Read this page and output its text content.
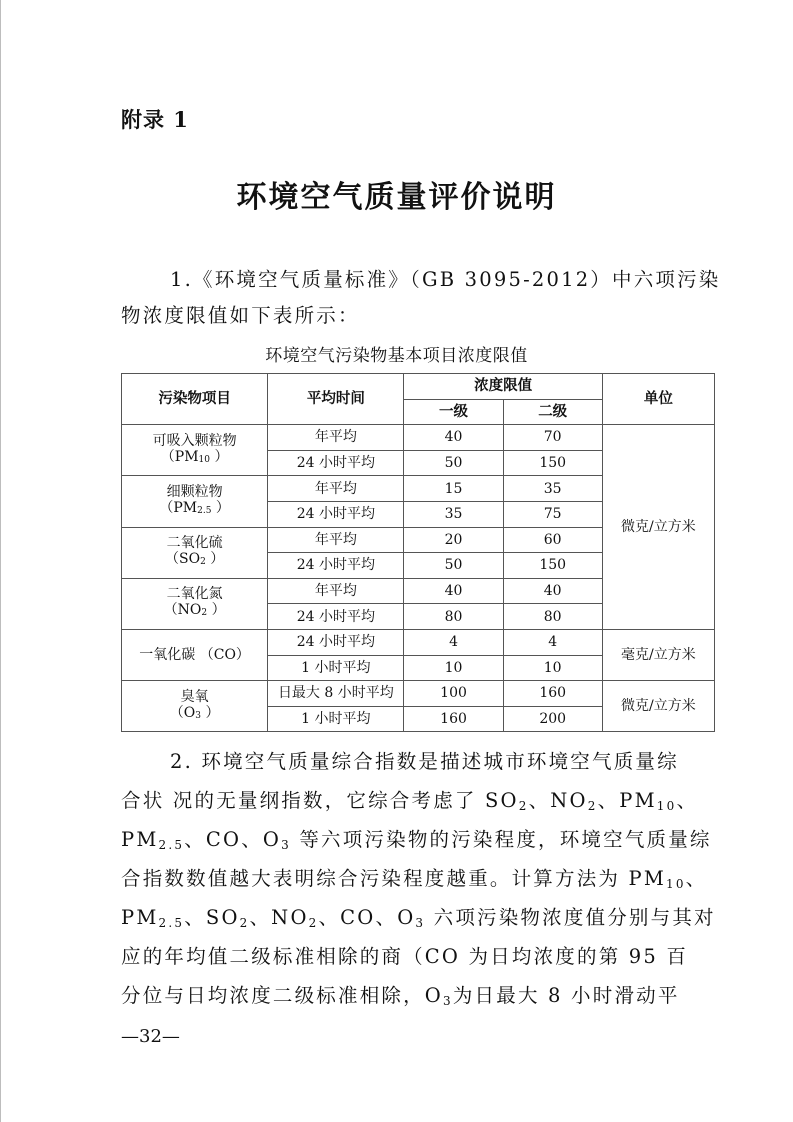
附录 1
环境空气质量评价说明
1.《环境空气质量标准》（GB 3095-2012）中六项污染
物浓度限值如下表所示：
环境空气污染物基本项目浓度限值
污染物项目	平均时间	浓度限值		单位
		一级	二级	

可吸入颗粒物
（$PM_{10}$ ）	年平均	40	70	微克/立方米
	24 小时平均	50	150	

细颗粒物
（$PM_{2.5}$ ）	年平均	15	35	
	24 小时平均	35	75	

二氧化硫
（$SO_2$ ）	年平均	20	60	
	24 小时平均	50	150	

二氧化氮
（$NO_2$ ）	年平均	40	40	
	24 小时平均	80	80	
一氧化碳 （CO）	24 小时平均	4	4	毫克/立方米
	1 小时平均	10	10	

臭氧
（$O_3$ ）	日最大 8 小时平均	100	160	微克/立方米
	1 小时平均	160	200	
2. 环境空气质量综合指数是描述城市环境空气质量综
合状 况的无量纲指数，它综合考虑了 $SO_2$、$NO_2$、$PM_{10}$、
$PM_{2.5}$、CO、$O_3$ 等六项污染物的污染程度，环境空气质量综
合指数数值越大表明综合污染程度越重。计算方法为 $PM_{10}$、
$PM_{2.5}$、$SO_2$、$NO_2$、CO、$O_3$ 六项污染物浓度值分别与其对
应的年均值二级标准相除的商（CO 为日均浓度的第 95 百
分位与日均浓度二级标准相除，$O_3$为日最大 8 小时滑动平
—32—
